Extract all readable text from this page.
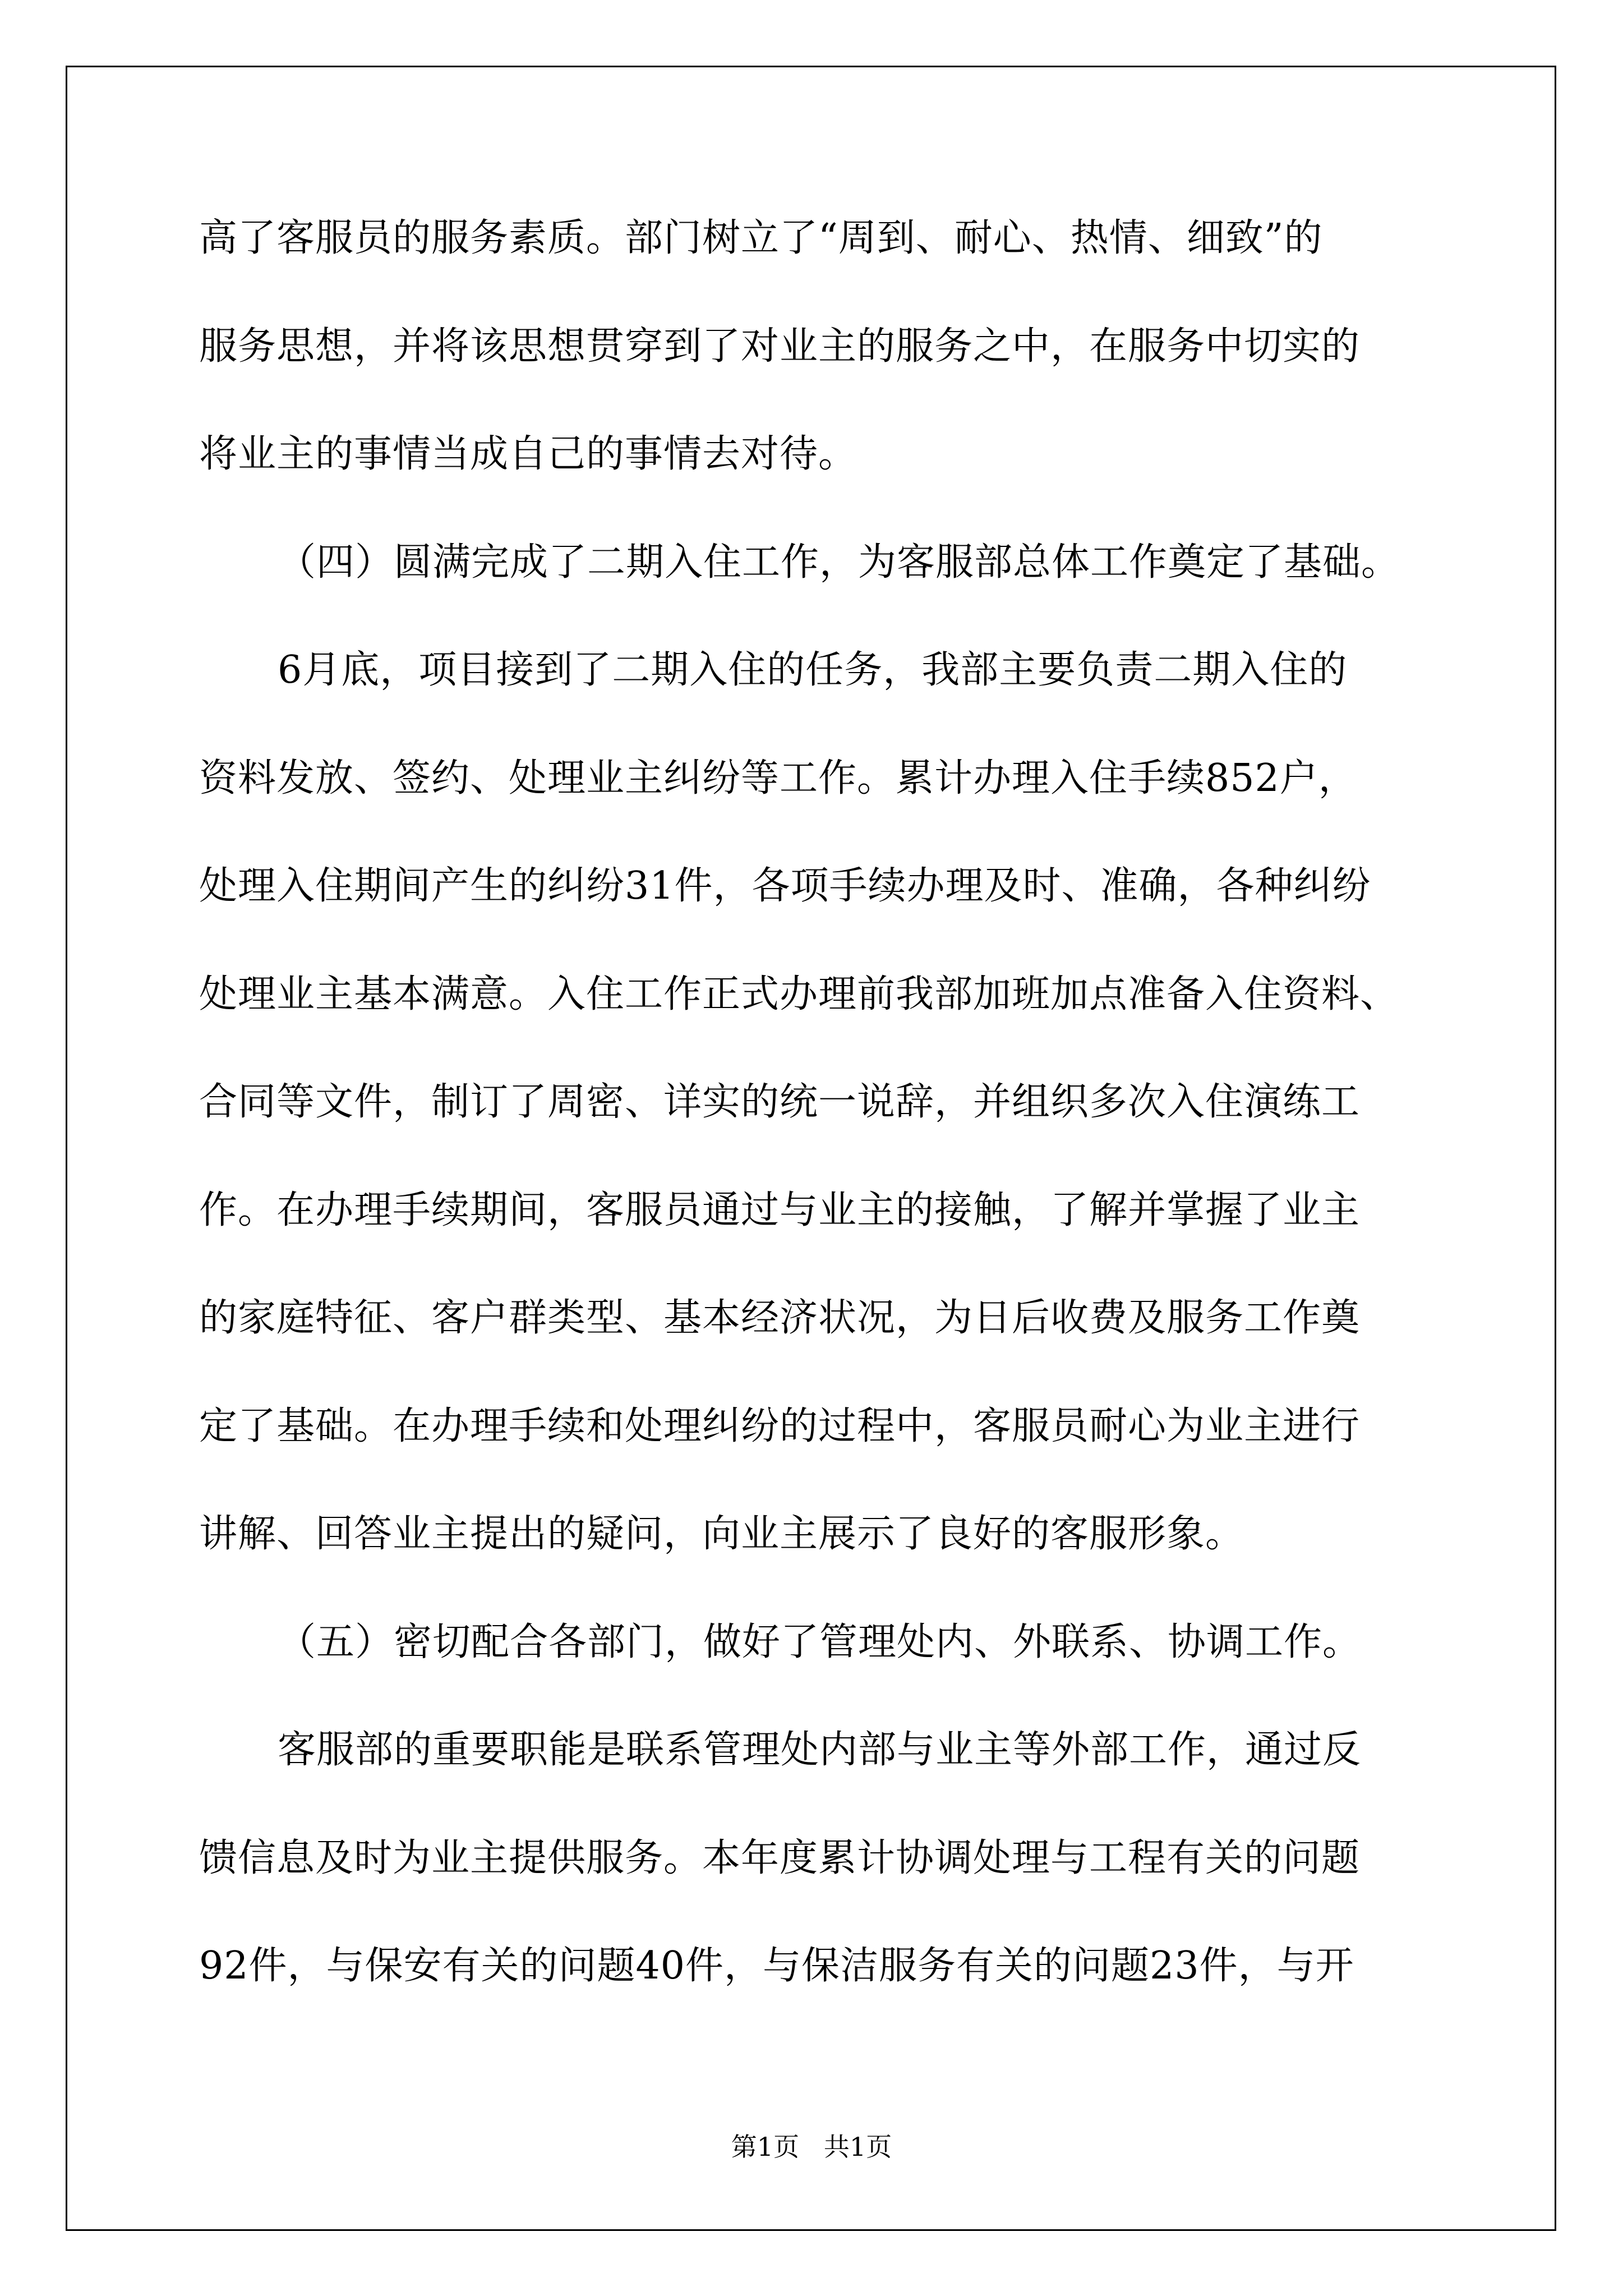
高了客服员的服务素质。部门树立了“周到、耐心、热情、细致”的
服务思想，并将该思想贯穿到了对业主的服务之中，在服务中切实的
将业主的事情当成自己的事情去对待。
（四）圆满完成了二期入住工作，为客服部总体工作奠定了基础。
6月底，项目接到了二期入住的任务，我部主要负责二期入住的
资料发放、签约、处理业主纠纷等工作。累计办理入住手续852户，
处理入住期间产生的纠纷31件，各项手续办理及时、准确，各种纠纷
处理业主基本满意。入住工作正式办理前我部加班加点准备入住资料、
合同等文件，制订了周密、详实的统一说辞，并组织多次入住演练工
作。在办理手续期间，客服员通过与业主的接触，了解并掌握了业主
的家庭特征、客户群类型、基本经济状况，为日后收费及服务工作奠
定了基础。在办理手续和处理纠纷的过程中，客服员耐心为业主进行
讲解、回答业主提出的疑问，向业主展示了良好的客服形象。
（五）密切配合各部门，做好了管理处内、外联系、协调工作。
客服部的重要职能是联系管理处内部与业主等外部工作，通过反
馈信息及时为业主提供服务。本年度累计协调处理与工程有关的问题
92件，与保安有关的问题40件，与保洁服务有关的问题23件，与开
第1页   共1页
